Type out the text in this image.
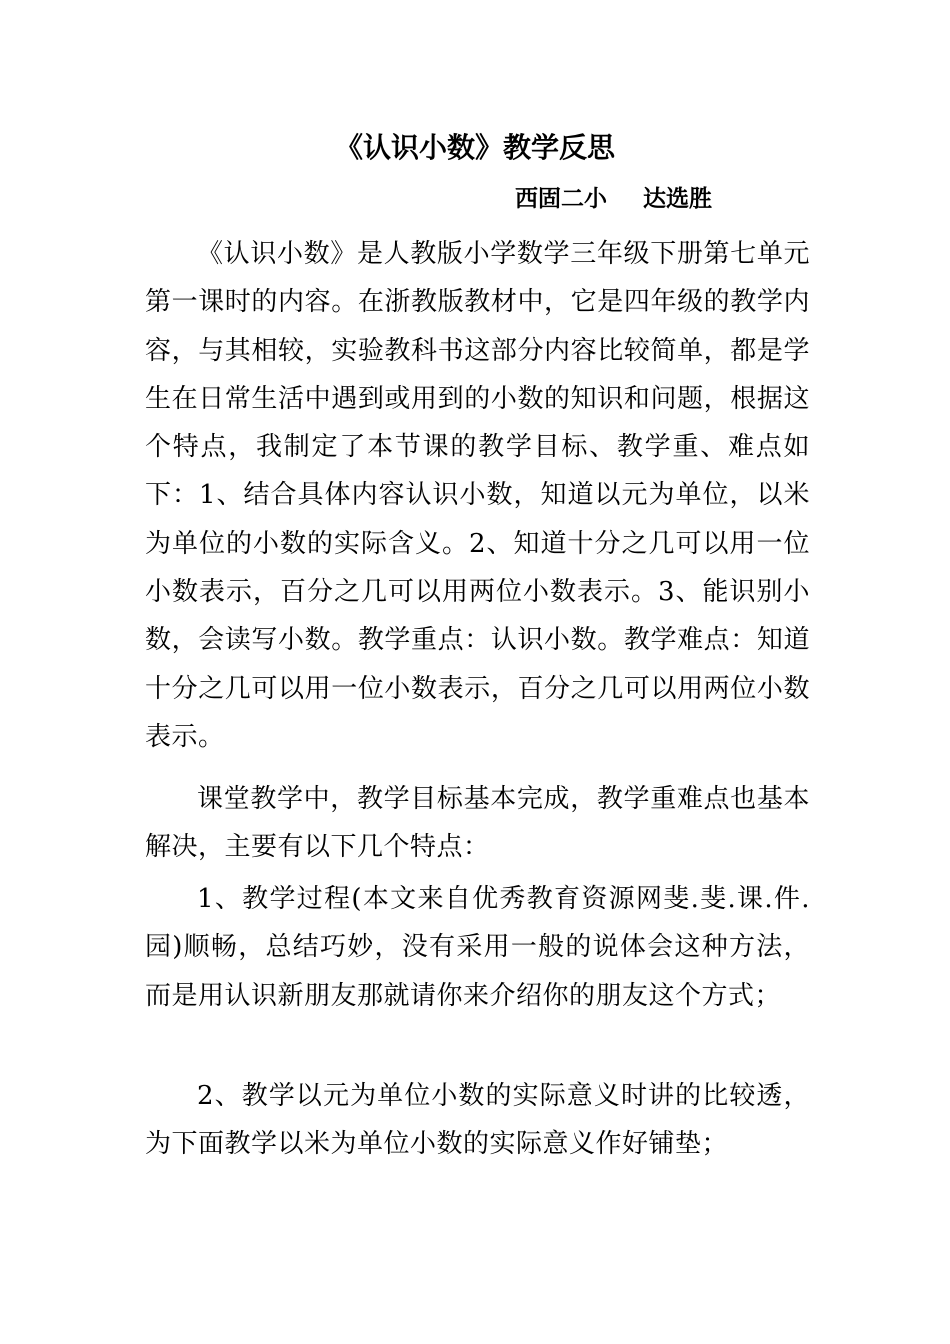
《认识小数》教学反思
西固二小 达选胜

《认识小数》是人教版小学数学三年级下册第七单元第一课时的内容。在浙教版教材中，它是四年级的教学内容，与其相较，实验教科书这部分内容比较简单，都是学生在日常生活中遇到或用到的小数的知识和问题，根据这个特点，我制定了本节课的教学目标、教学重、难点如下：1、结合具体内容认识小数，知道以元为单位，以米为单位的小数的实际含义。2、知道十分之几可以用一位小数表示，百分之几可以用两位小数表示。3、能识别小数，会读写小数。教学重点：认识小数。教学难点：知道十分之几可以用一位小数表示，百分之几可以用两位小数表示。

课堂教学中，教学目标基本完成，教学重难点也基本解决，主要有以下几个特点：

1、教学过程(本文来自优秀教育资源网斐.斐.课.件.园)顺畅，总结巧妙，没有采用一般的说体会这种方法，而是用认识新朋友那就请你来介绍你的朋友这个方式；

2、教学以元为单位小数的实际意义时讲的比较透，为下面教学以米为单位小数的实际意义作好铺垫；
